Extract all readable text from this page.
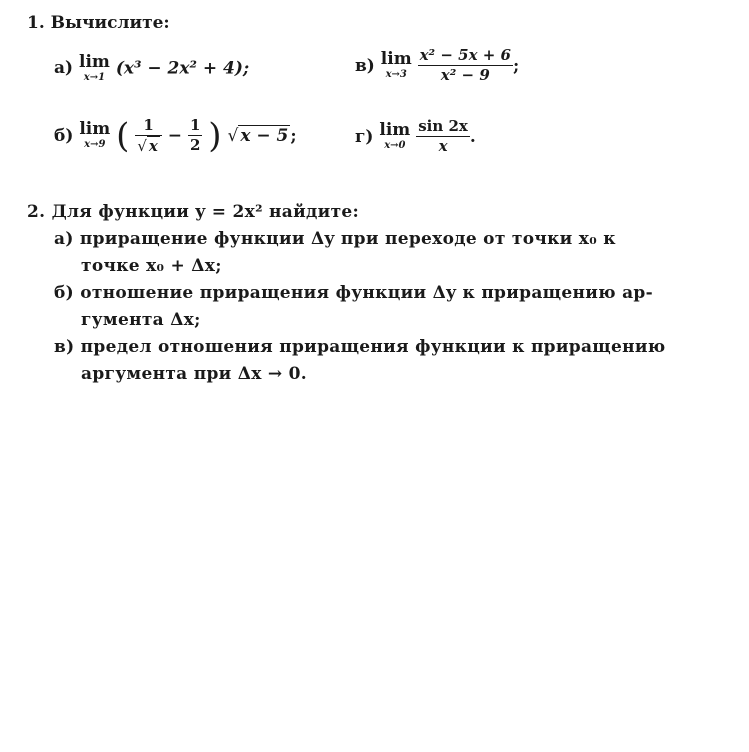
1. Вычислите:
а) lim
x→1 (x³ − 2x² + 4);	в) lim
x→3
$\frac{\text{x² − 5x + 6}}{\text{x² − 9}}$ ;
б) lim
x→9 ( $\frac{1}{√ x} - \frac{1}{2}$ ) √ x − 5 ;	г) lim
x→0
$\frac{\sin 2x}{x}$ .
2. Для функции y = 2x² найдите:
а) приращение функции Δy при переходе от точки x₀ к
точке x₀ + Δx;
б) отношение приращения функции Δy к приращению ар-
гумента Δx;
в) предел отношения приращения функции к приращению
аргумента при Δx → 0.
